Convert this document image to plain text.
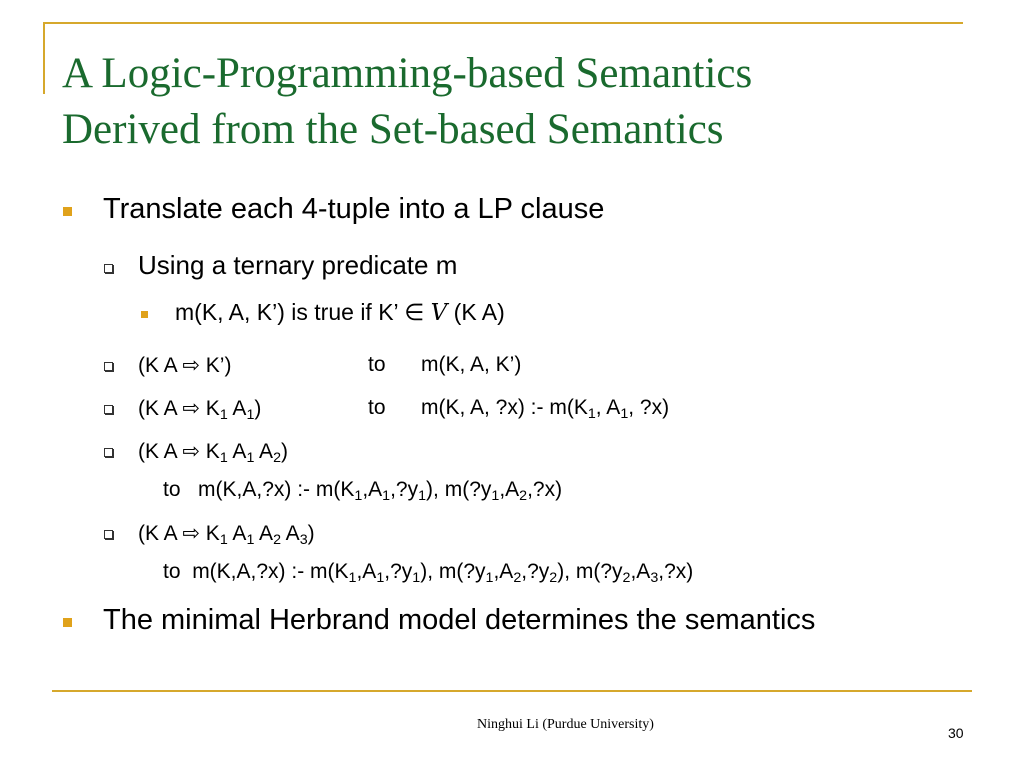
A Logic-Programming-based Semantics
Derived from the Set-based Semantics
Translate each 4-tuple into a LP clause
Using a ternary predicate m
m(K, A, K’) is true if K’ ∈ V (K A)
(K A ⇨ K’)	to m(K, A, K’)
(K A ⇨ $K_1$ $A_1$)	to m(K, A, ?x) :- $m(K_1$, $A_1$, ?x)
(K A ⇨ $K_1$ $A_1$ $A_2$)
to m(K,A,?x) :- $m(K_1,A_1,?y_1)$, $m(?y_1,A_2,?x)$
(K A ⇨ $K_1$ $A_1$ $A_2$ $A_3$)
to m(K,A,?x) :- $m(K_1,A_1,?y_1)$, $m(?y_1,A_2,?y_2)$, $m(?y_2,A_3,?x)$
The minimal Herbrand model determines the semantics
Ninghui Li (Purdue University)
30
